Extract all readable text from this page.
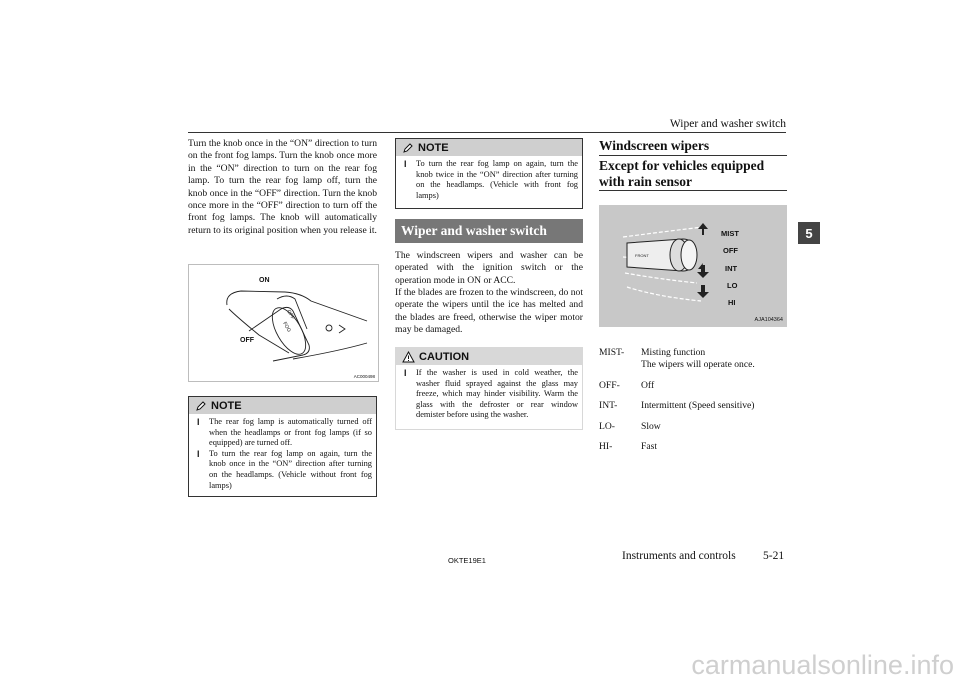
Wiper and washer switch
5

Turn the knob once in the “ON” direction to turn on the front fog lamps. Turn the knob once more in the “ON” direction to turn on the rear fog lamp. To turn the rear fog lamp off, turn the knob once in the “OFF” direction. Turn the knob once more in the “OFF” direction to turn off the front fog lamps. The knob will automatically return to its original position when you release it.

OFF
FOG
ON
OFF
AC000498
NOTE
l	The rear fog lamp is automatically turned off when the headlamps or front fog lamps (if so equipped) are turned off.
l	To turn the rear fog lamp on again, turn the knob once in the “ON” direction after turning on the headlamps. (Vehicle without front fog lamps)
NOTE
l	To turn the rear fog lamp on again, turn the knob twice in the “ON” direction after turning on the headlamps. (Vehicle with front fog lamps)
Wiper and washer switch

The windscreen wipers and washer can be operated with the ignition switch or the operation mode in ON or ACC.

If the blades are frozen to the windscreen, do not operate the wipers until the ice has melted and the blades are freed, otherwise the wiper motor may be damaged.

CAUTION
l	If the washer is used in cold weather, the washer fluid sprayed against the glass may freeze, which may hinder visibility. Warm the glass with the defroster or rear window demister before using the washer.
Windscreen wipers
Except for vehicles equipped
with rain sensor
FRONT
MIST
OFF
INT
LO
HI
AJA104364
MIST-	Misting function
The wipers will operate once.
OFF-	Off
INT-	Intermittent (Speed sensitive)
LO-	Slow
HI-	Fast
OKTE19E1	Instruments and controls 5-21
carmanualsonline.info
